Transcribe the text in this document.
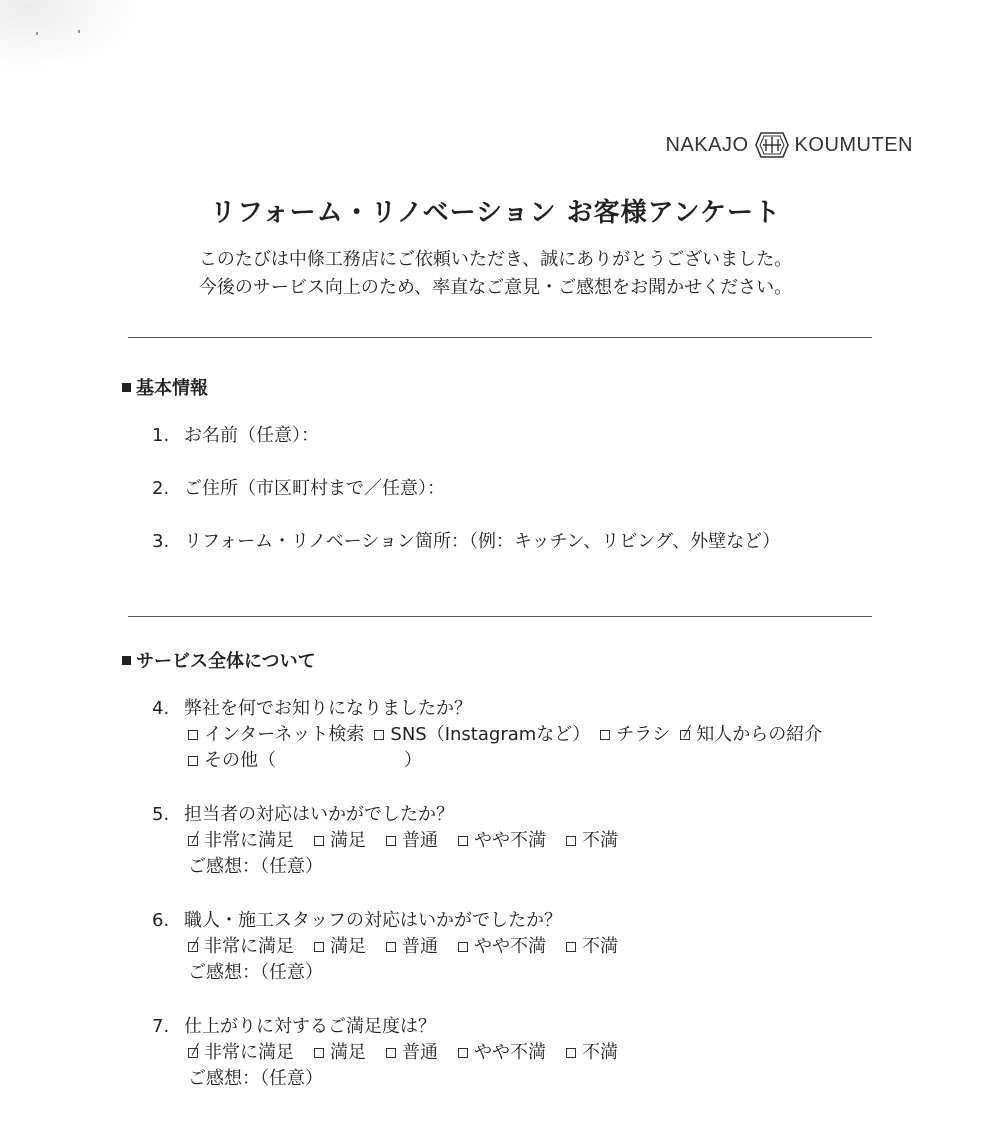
NAKAJO KOUMUTEN
リフォーム・リノベーション お客様アンケート
このたびは中條工務店にご依頼いただき、誠にありがとうございました。
今後のサービス向上のため、率直なご意見・ご感想をお聞かせください。
基本情報
1. お名前（任意）：
2. ご住所（市区町村まで／任意）：
3. リフォーム・リノベーション箇所：（例：キッチン、リビング、外壁など）
サービス全体について
4. 弊社を何でお知りになりましたか？
インターネット検索 SNS（Instagramなど） チラシ 知人からの紹介
その他（	）
5. 担当者の対応はいかがでしたか？
非常に満足 満足 普通 やや不満 不満
ご感想：（任意）
6. 職人・施工スタッフの対応はいかがでしたか？
非常に満足 満足 普通 やや不満 不満
ご感想：（任意）
7. 仕上がりに対するご満足度は？
非常に満足 満足 普通 やや不満 不満
ご感想：（任意）
